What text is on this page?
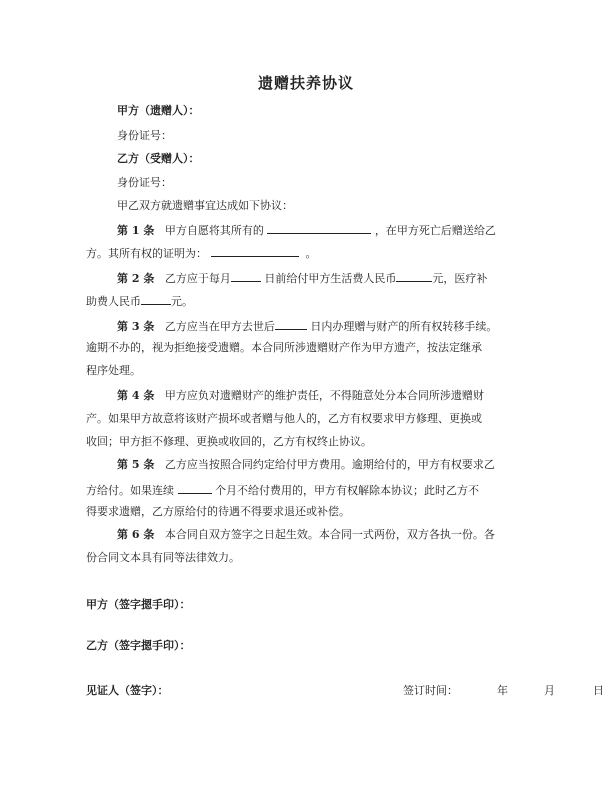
遗赠扶养协议
甲方（遗赠人）：
身份证号：
乙方（受赠人）：
身份证号：
甲乙双方就遗赠事宜达成如下协议：
第 1 条 甲方自愿将其所有的	，在甲方死亡后赠送给乙
方。其所有权的证明为：	。
第 2 条 乙方应于每月	日前给付甲方生活费人民币	元，医疗补
助费人民币	元。
第 3 条 乙方应当在甲方去世后	日内办理赠与财产的所有权转移手续。
逾期不办的，视为拒绝接受遗赠。本合同所涉遗赠财产作为甲方遗产，按法定继承
程序处理。
第 4 条 甲方应负对遗赠财产的维护责任，不得随意处分本合同所涉遗赠财
产。如果甲方故意将该财产损坏或者赠与他人的，乙方有权要求甲方修理、更换或
收回；甲方拒不修理、更换或收回的，乙方有权终止协议。
第 5 条 乙方应当按照合同约定给付甲方费用。逾期给付的，甲方有权要求乙
方给付。如果连续	个月不给付费用的，甲方有权解除本协议；此时乙方不
得要求遗赠，乙方原给付的待遇不得要求退还或补偿。
第 6 条 本合同自双方签字之日起生效。本合同一式两份，双方各执一份。各
份合同文本具有同等法律效力。
甲方（签字摁手印）：
乙方（签字摁手印）：
见证人（签字）：	签订时间：	年	月	日
